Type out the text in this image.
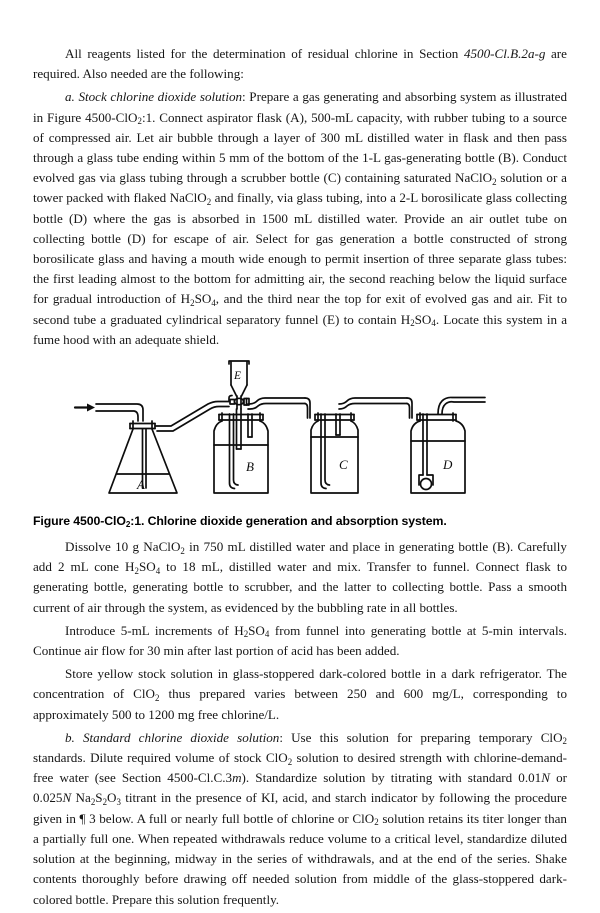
All reagents listed for the determination of residual chlorine in Section 4500-Cl.B.2a-g are required. Also needed are the following:

a. Stock chlorine dioxide solution: Prepare a gas generating and absorbing system as illustrated in Figure 4500-ClO$_2$:1. Connect aspirator flask (A), 500-mL capacity, with rubber tubing to a source of compressed air. Let air bubble through a layer of 300 mL distilled water in flask and then pass through a glass tube ending within 5 mm of the bottom of the 1-L gas-generating bottle (B). Conduct evolved gas via glass tubing through a scrubber bottle (C) containing saturated NaClO$_2$ solution or a tower packed with flaked NaClO$_2$ and finally, via glass tubing, into a 2-L borosilicate glass collecting bottle (D) where the gas is absorbed in 1500 mL distilled water. Provide an air outlet tube on collecting bottle (D) for escape of air. Select for gas generation a bottle constructed of strong borosilicate glass and having a mouth wide enough to permit insertion of three separate glass tubes: the first leading almost to the bottom for admitting air, the second reaching below the liquid surface for gradual introduction of $H_2SO_4$, and the third near the top for exit of evolved gas and air. Fit to second tube a graduated cylindrical separatory funnel (E) to contain $H_2SO_4$. Locate this system in a fume hood with an adequate shield.

A
B	C	D
E

Figure 4500-ClO$_2$:1. Chlorine dioxide generation and absorption system.

Dissolve 10 g NaClO$_2$ in 750 mL distilled water and place in generating bottle (B). Carefully add 2 mL cone $H_2SO_4$ to 18 mL, distilled water and mix. Transfer to funnel. Connect flask to generating bottle, generating bottle to scrubber, and the latter to collecting bottle. Pass a smooth current of air through the system, as evidenced by the bubbling rate in all bottles.

Introduce 5-mL increments of $H_2SO_4$ from funnel into generating bottle at 5-min intervals. Continue air flow for 30 min after last portion of acid has been added.

Store yellow stock solution in glass-stoppered dark-colored bottle in a dark refrigerator. The concentration of ClO$_2$ thus prepared varies between 250 and 600 mg/L, corresponding to approximately 500 to 1200 mg free chlorine/L.

b. Standard chlorine dioxide solution: Use this solution for preparing temporary ClO$_2$ standards. Dilute required volume of stock ClO$_2$ solution to desired strength with chlorine-demand-free water (see Section 4500-Cl.C.3m). Standardize solution by titrating with standard 0.01N or 0.025N $Na_2S_2O_3$ titrant in the presence of KI, acid, and starch indicator by following the procedure given in ¶ 3 below. A full or nearly full bottle of chlorine or ClO$_2$ solution retains its titer longer than a partially full one. When repeated withdrawals reduce volume to a critical level, standardize diluted solution at the beginning, midway in the series of withdrawals, and at the end of the series. Shake contents thoroughly before drawing off needed solution from middle of the glass-stoppered dark-colored bottle. Prepare this solution frequently.
